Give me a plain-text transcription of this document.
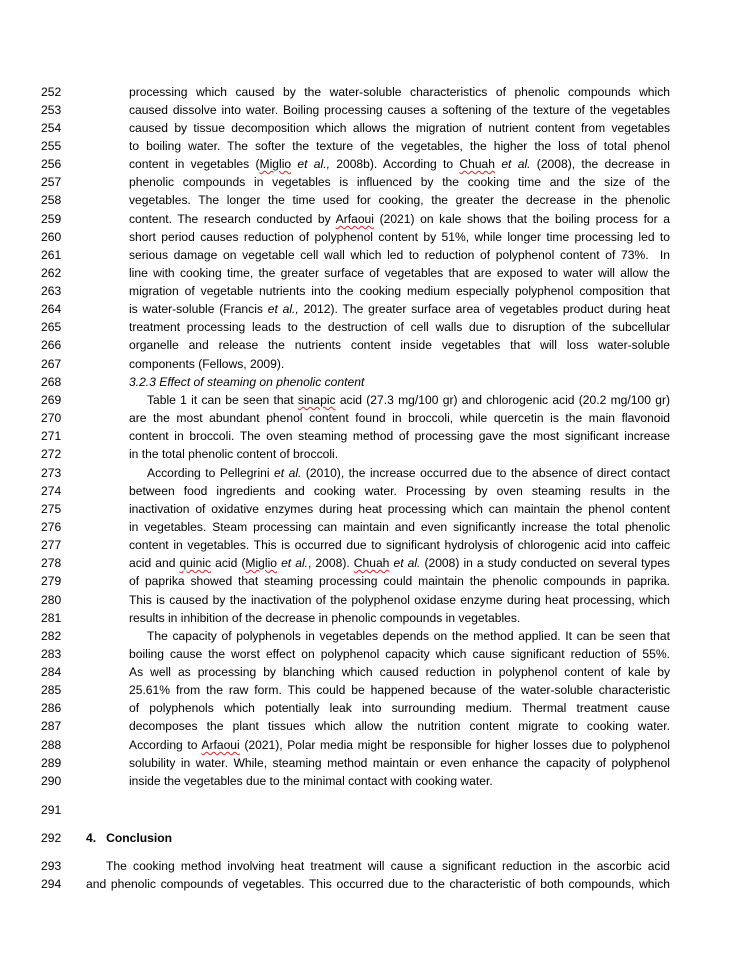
252	processing which caused by the water-soluble characteristics of phenolic compounds which
253	caused dissolve into water. Boiling processing causes a softening of the texture of the vegetables
254	caused by tissue decomposition which allows the migration of nutrient content from vegetables
255	to boiling water. The softer the texture of the vegetables, the higher the loss of total phenol
256	content in vegetables (Miglio et al., 2008b). According to Chuah et al. (2008), the decrease in
257	phenolic compounds in vegetables is influenced by the cooking time and the size of the
258	vegetables. The longer the time used for cooking, the greater the decrease in the phenolic
259	content. The research conducted by Arfaoui (2021) on kale shows that the boiling process for a
260	short period causes reduction of polyphenol content by 51%, while longer time processing led to
261	serious damage on vegetable cell wall which led to reduction of polyphenol content of 73%.  In
262	line with cooking time, the greater surface of vegetables that are exposed to water will allow the
263	migration of vegetable nutrients into the cooking medium especially polyphenol composition that
264	is water-soluble (Francis et al., 2012). The greater surface area of vegetables product during heat
265	treatment processing leads to the destruction of cell walls due to disruption of the subcellular
266	organelle and release the nutrients content inside vegetables that will loss water-soluble
267	components (Fellows, 2009).
268	3.2.3 Effect of steaming on phenolic content
269	Table 1 it can be seen that sinapic acid (27.3 mg/100 gr) and chlorogenic acid (20.2 mg/100 gr)
270	are the most abundant phenol content found in broccoli, while quercetin is the main flavonoid
271	content in broccoli. The oven steaming method of processing gave the most significant increase
272	in the total phenolic content of broccoli.
273	According to Pellegrini et al. (2010), the increase occurred due to the absence of direct contact
274	between food ingredients and cooking water. Processing by oven steaming results in the
275	inactivation of oxidative enzymes during heat processing which can maintain the phenol content
276	in vegetables. Steam processing can maintain and even significantly increase the total phenolic
277	content in vegetables. This is occurred due to significant hydrolysis of chlorogenic acid into caffeic
278	acid and quinic acid (Miglio et al., 2008). Chuah et al. (2008) in a study conducted on several types
279	of paprika showed that steaming processing could maintain the phenolic compounds in paprika.
280	This is caused by the inactivation of the polyphenol oxidase enzyme during heat processing, which
281	results in inhibition of the decrease in phenolic compounds in vegetables.
282	The capacity of polyphenols in vegetables depends on the method applied. It can be seen that
283	boiling cause the worst effect on polyphenol capacity which cause significant reduction of 55%.
284	As well as processing by blanching which caused reduction in polyphenol content of kale by
285	25.61% from the raw form. This could be happened because of the water-soluble characteristic
286	of polyphenols which potentially leak into surrounding medium. Thermal treatment cause
287	decomposes the plant tissues which allow the nutrition content migrate to cooking water.
288	According to Arfaoui (2021), Polar media might be responsible for higher losses due to polyphenol
289	solubility in water. While, steaming method maintain or even enhance the capacity of polyphenol
290	inside the vegetables due to the minimal contact with cooking water.
291
292	4.   Conclusion
293	The cooking method involving heat treatment will cause a significant reduction in the ascorbic acid
294	and phenolic compounds of vegetables. This occurred due to the characteristic of both compounds, which
